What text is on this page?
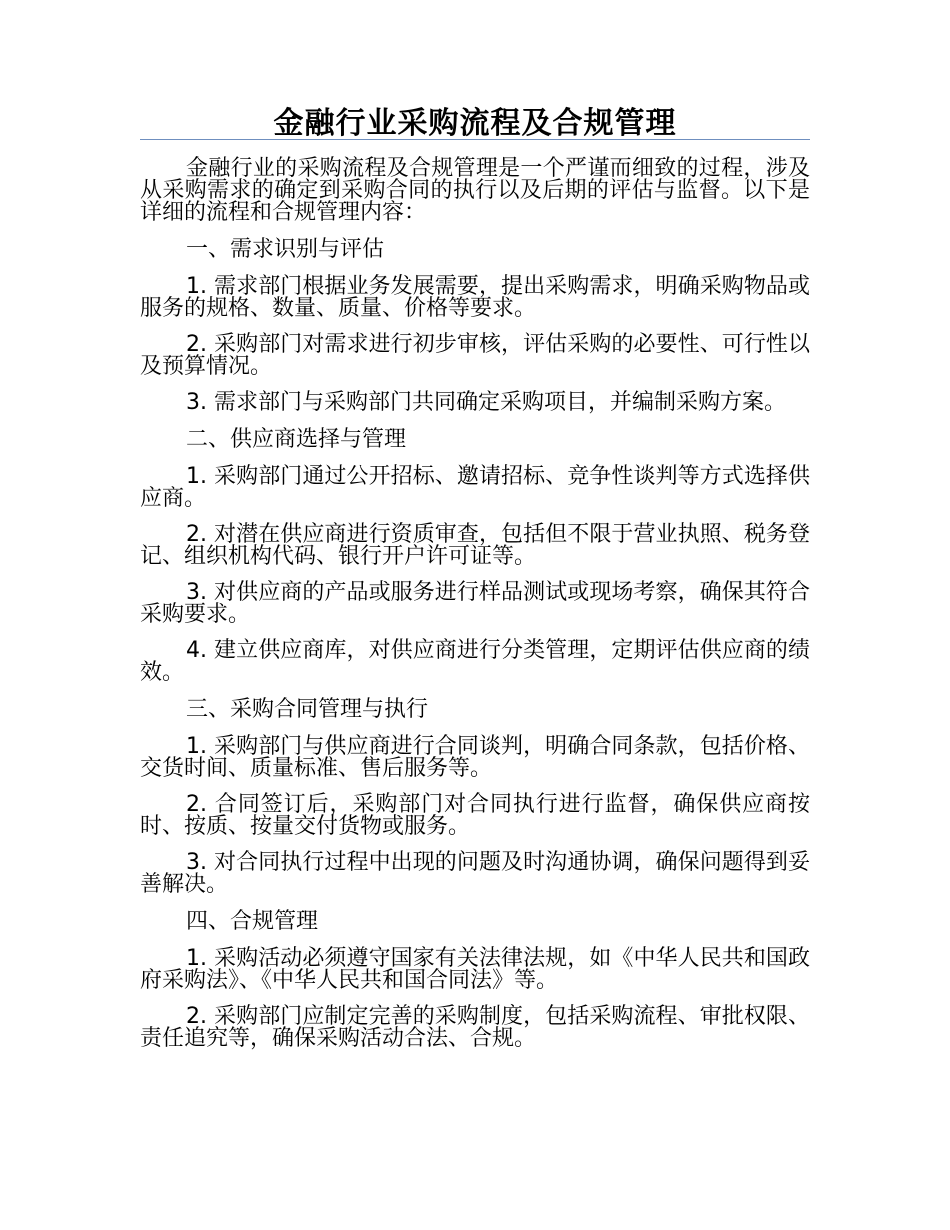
金融行业采购流程及合规管理

金融行业的采购流程及合规管理是一个严谨而细致的过程，涉及从采购需求的确定到采购合同的执行以及后期的评估与监督。以下是详细的流程和合规管理内容：

一、需求识别与评估

1. 需求部门根据业务发展需要，提出采购需求，明确采购物品或服务的规格、数量、质量、价格等要求。

2. 采购部门对需求进行初步审核，评估采购的必要性、可行性以及预算情况。

3. 需求部门与采购部门共同确定采购项目，并编制采购方案。

二、供应商选择与管理

1. 采购部门通过公开招标、邀请招标、竞争性谈判等方式选择供应商。

2. 对潜在供应商进行资质审查，包括但不限于营业执照、税务登记、组织机构代码、银行开户许可证等。

3. 对供应商的产品或服务进行样品测试或现场考察，确保其符合采购要求。

4. 建立供应商库，对供应商进行分类管理，定期评估供应商的绩效。

三、采购合同管理与执行

1. 采购部门与供应商进行合同谈判，明确合同条款，包括价格、交货时间、质量标准、售后服务等。

2. 合同签订后，采购部门对合同执行进行监督，确保供应商按时、按质、按量交付货物或服务。

3. 对合同执行过程中出现的问题及时沟通协调，确保问题得到妥善解决。

四、合规管理

1. 采购活动必须遵守国家有关法律法规，如《中华人民共和国政府采购法》、《中华人民共和国合同法》等。

2. 采购部门应制定完善的采购制度，包括采购流程、审批权限、责任追究等，确保采购活动合法、合规。
